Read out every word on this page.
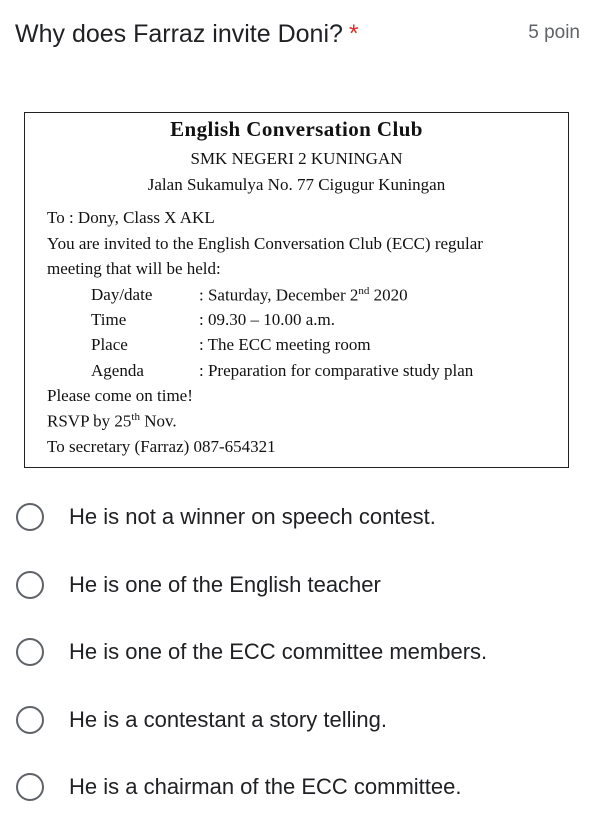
Why does Farraz invite Doni? *	5 poin
English Conversation Club
SMK NEGERI 2 KUNINGAN
Jalan Sukamulya No. 77 Cigugur Kuningan
To : Dony, Class X AKL
You are invited to the English Conversation Club (ECC) regular
meeting that will be held:
Day/date	: Saturday, December 2nd 2020
Time	: 09.30 – 10.00 a.m.
Place	: The ECC meeting room
Agenda	: Preparation for comparative study plan
Please come on time!
RSVP by 25th Nov.
To secretary (Farraz) 087-654321
He is not a winner on speech contest.
He is one of the English teacher
He is one of the ECC committee members.
He is a contestant a story telling.
He is a chairman of the ECC committee.
